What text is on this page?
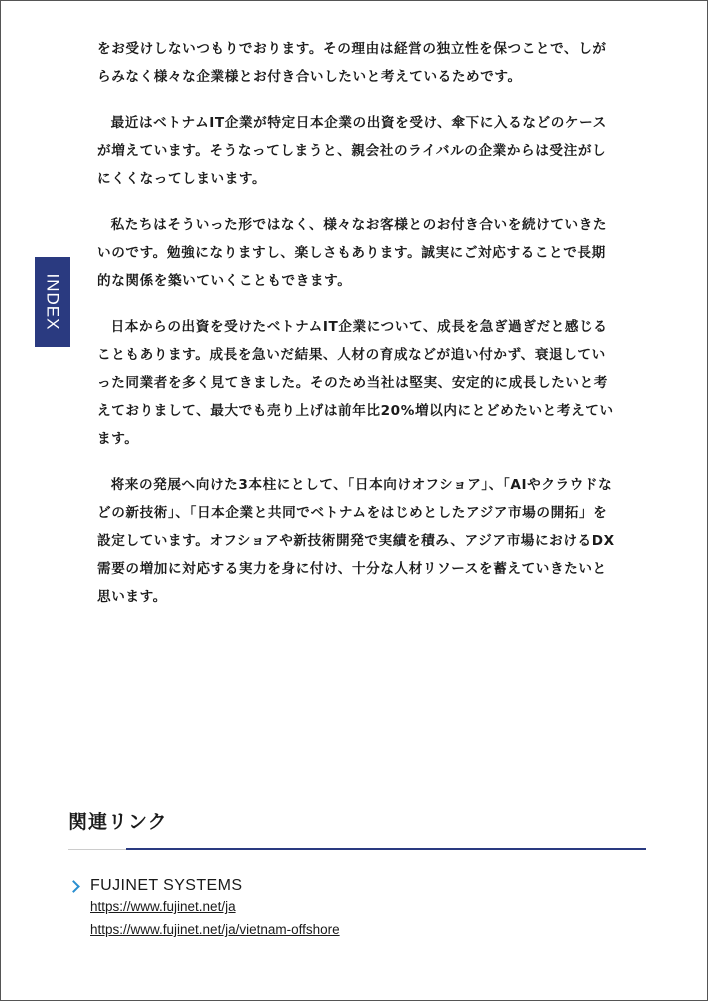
INDEX

をお受けしないつもりでおります。その理由は経営の独立性を保つことで、しがらみなく様々な企業様とお付き合いしたいと考えているためです。

最近はベトナムIT企業が特定日本企業の出資を受け、傘下に入るなどのケースが増えています。そうなってしまうと、親会社のライバルの企業からは受注がしにくくなってしまいます。

私たちはそういった形ではなく、様々なお客様とのお付き合いを続けていきたいのです。勉強になりますし、楽しさもあります。誠実にご対応することで長期的な関係を築いていくこともできます。

日本からの出資を受けたベトナムIT企業について、成長を急ぎ過ぎだと感じることもあります。成長を急いだ結果、人材の育成などが追い付かず、衰退していった同業者を多く見てきました。そのため当社は堅実、安定的に成長したいと考えておりまして、最大でも売り上げは前年比20%増以内にとどめたいと考えています。

将来の発展へ向けた3本柱にとして、「日本向けオフショア」、「AIやクラウドなどの新技術」、「日本企業と共同でベトナムをはじめとしたアジア市場の開拓」を設定しています。オフショアや新技術開発で実績を積み、アジア市場におけるDX需要の増加に対応する実力を身に付け、十分な人材リソースを蓄えていきたいと思います。

関連リンク
FUJINET SYSTEMS
https://www.fujinet.net/ja
https://www.fujinet.net/ja/vietnam-offshore
